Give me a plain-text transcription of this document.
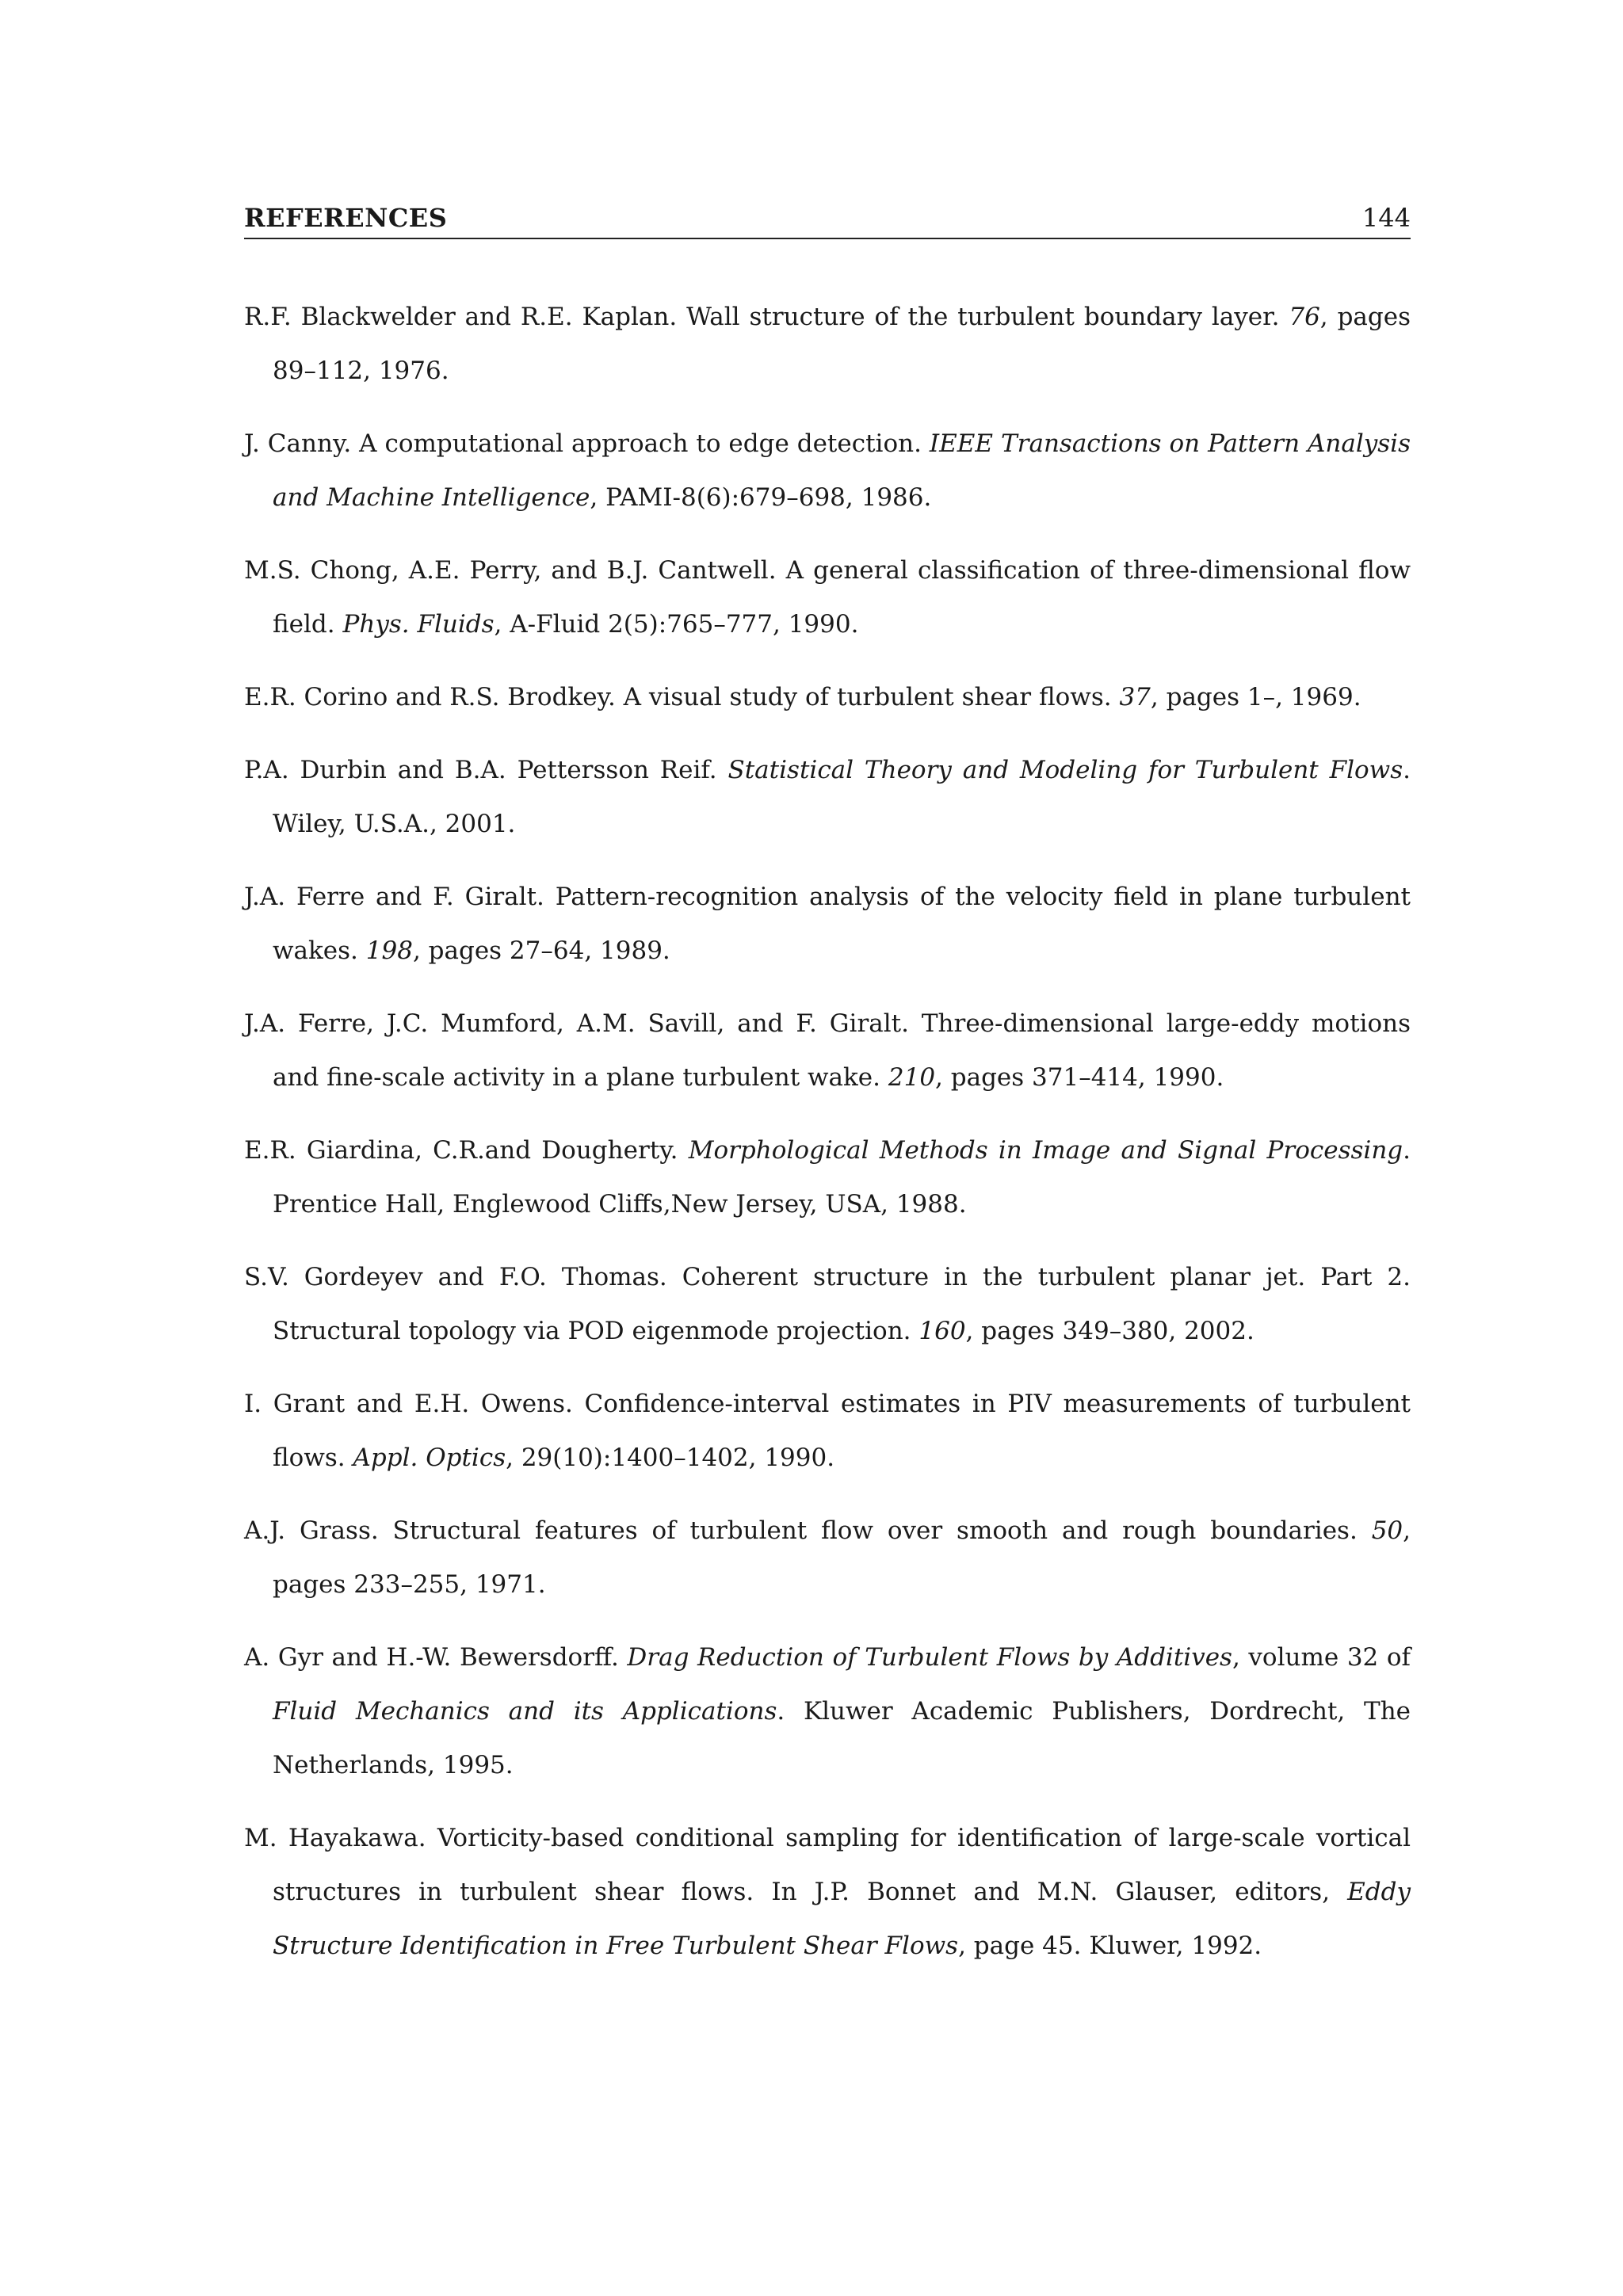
REFERENCES	144

R.F. Blackwelder and R.E. Kaplan. Wall structure of the turbulent boundary layer. 76, pages 89–112, 1976.

J. Canny. A computational approach to edge detection. IEEE Transactions on Pattern Analysis and Machine Intelligence, PAMI-8(6):679–698, 1986.

M.S. Chong, A.E. Perry, and B.J. Cantwell. A general classification of three-dimensional flow field. Phys. Fluids, A-Fluid 2(5):765–777, 1990.

E.R. Corino and R.S. Brodkey. A visual study of turbulent shear flows. 37, pages 1–, 1969.

P.A. Durbin and B.A. Pettersson Reif. Statistical Theory and Modeling for Turbulent Flows. Wiley, U.S.A., 2001.

J.A. Ferre and F. Giralt. Pattern-recognition analysis of the velocity field in plane turbulent wakes. 198, pages 27–64, 1989.

J.A. Ferre, J.C. Mumford, A.M. Savill, and F. Giralt. Three-dimensional large-eddy motions and fine-scale activity in a plane turbulent wake. 210, pages 371–414, 1990.

E.R. Giardina, C.R.and Dougherty. Morphological Methods in Image and Signal Processing. Prentice Hall, Englewood Cliffs,New Jersey, USA, 1988.

S.V. Gordeyev and F.O. Thomas. Coherent structure in the turbulent planar jet. Part 2. Structural topology via POD eigenmode projection. 160, pages 349–380, 2002.

I. Grant and E.H. Owens. Confidence-interval estimates in PIV measurements of turbulent flows. Appl. Optics, 29(10):1400–1402, 1990.

A.J. Grass. Structural features of turbulent flow over smooth and rough boundaries. 50, pages 233–255, 1971.

A. Gyr and H.-W. Bewersdorff. Drag Reduction of Turbulent Flows by Additives, volume 32 of Fluid Mechanics and its Applications. Kluwer Academic Publishers, Dordrecht, The Netherlands, 1995.

M. Hayakawa. Vorticity-based conditional sampling for identification of large-scale vortical structures in turbulent shear flows. In J.P. Bonnet and M.N. Glauser, editors, Eddy Structure Identification in Free Turbulent Shear Flows, page 45. Kluwer, 1992.
